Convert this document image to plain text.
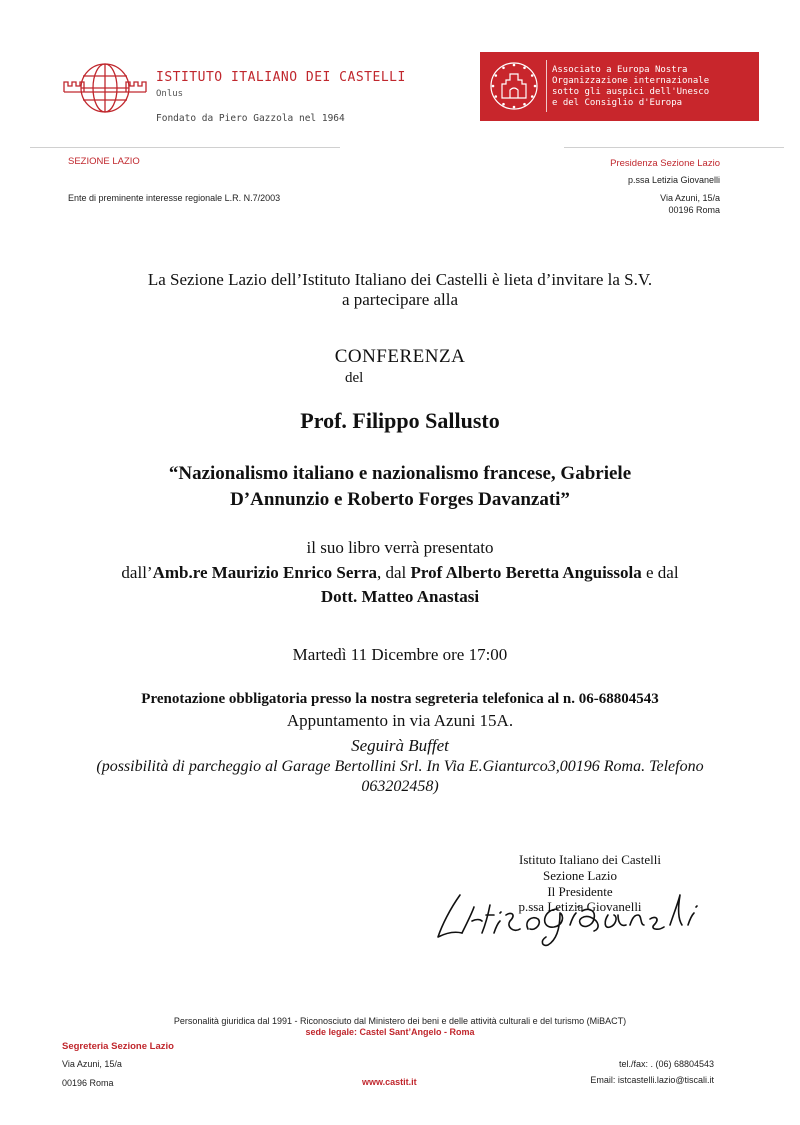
ISTITUTO ITALIANO DEI CASTELLI
Onlus
Fondato da Piero Gazzola nel 1964
Associato a Europa Nostra
Organizzazione internazionale
sotto gli auspici dell'Unesco
e del Consiglio d'Europa
SEZIONE LAZIO
Ente di preminente interesse regionale L.R. N.7/2003
Presidenza Sezione Lazio
p.ssa Letizia Giovanelli
Via Azuni, 15/a
00196 Roma
La Sezione Lazio dell’Istituto Italiano dei Castelli è lieta d’invitare la S.V.
a partecipare alla
CONFERENZA
del
Prof. Filippo Sallusto
“Nazionalismo italiano e nazionalismo francese, Gabriele
D’Annunzio e Roberto Forges Davanzati”
il suo libro verrà presentato
dall’Amb.re Maurizio Enrico Serra, dal Prof Alberto Beretta Anguissola e dal
Dott. Matteo Anastasi
Martedì 11 Dicembre ore 17:00
Prenotazione obbligatoria presso la nostra segreteria telefonica al n. 06-68804543
Appuntamento in via Azuni 15A.
Seguirà Buffet
(possibilità di parcheggio al Garage Bertollini Srl. In Via E.Gianturco3,00196 Roma. Telefono
063202458)
Istituto Italiano dei Castelli
Sezione Lazio
Il Presidente
p.ssa Letizia Giovanelli
Personalità giuridica dal 1991 - Riconosciuto dal Ministero dei beni e delle attività culturali e del turismo (MiBACT)
sede legale: Castel Sant’Angelo - Roma
Segreteria Sezione Lazio
Via Azuni, 15/a
00196 Roma	www.castit.it
tel./fax: . (06) 68804543
Email: istcastelli.lazio@tiscali.it
